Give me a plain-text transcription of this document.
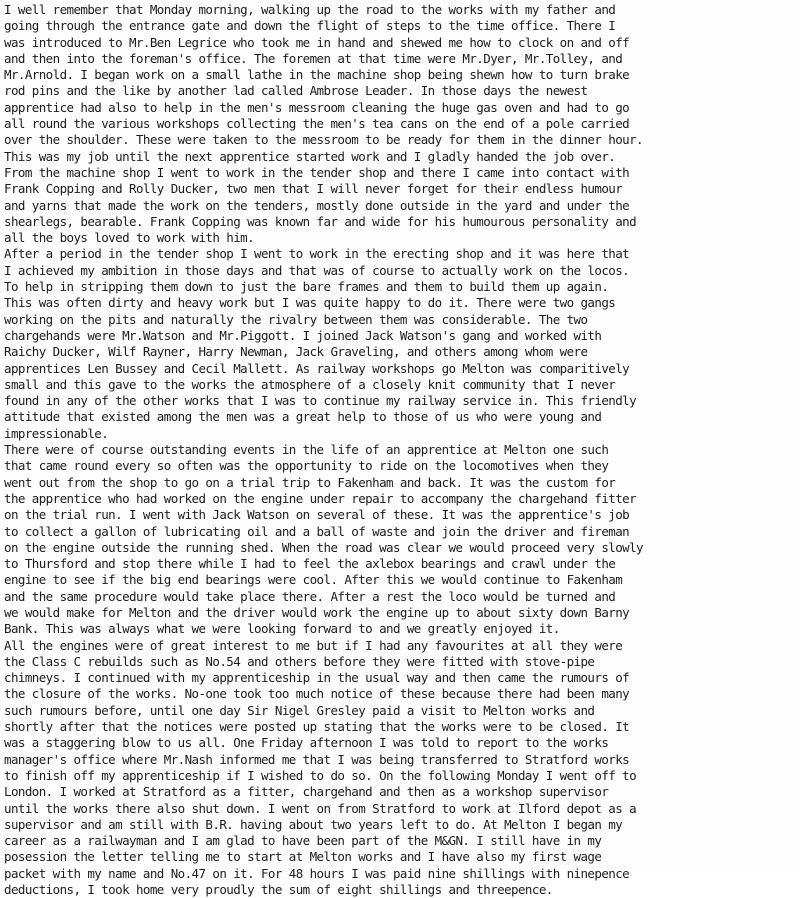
I well remember that Monday morning, walking up the road to the works with my father and
going through the entrance gate and down the flight of steps to the time office. There I
was introduced to Mr.Ben Legrice who took me in hand and shewed me how to clock on and off
and then into the foreman's office. The foremen at that time were Mr.Dyer, Mr.Tolley, and
Mr.Arnold. I began work on a small lathe in the machine shop being shewn how to turn brake
rod pins and the like by another lad called Ambrose Leader. In those days the newest
apprentice had also to help in the men's messroom cleaning the huge gas oven and had to go
all round the various workshops collecting the men's tea cans on the end of a pole carried
over the shoulder. These were taken to the messroom to be ready for them in the dinner hour.
This was my job until the next apprentice started work and I gladly handed the job over.
From the machine shop I went to work in the tender shop and there I came into contact with
Frank Copping and Rolly Ducker, two men that I will never forget for their endless humour
and yarns that made the work on the tenders, mostly done outside in the yard and under the
shearlegs, bearable. Frank Copping was known far and wide for his humourous personality and
all the boys loved to work with him.
After a period in the tender shop I went to work in the erecting shop and it was here that
I achieved my ambition in those days and that was of course to actually work on the locos.
To help in stripping them down to just the bare frames and them to build them up again.
This was often dirty and heavy work but I was quite happy to do it. There were two gangs
working on the pits and naturally the rivalry between them was considerable. The two
chargehands were Mr.Watson and Mr.Piggott. I joined Jack Watson's gang and worked with
Raichy Ducker, Wilf Rayner, Harry Newman, Jack Graveling, and others among whom were
apprentices Len Bussey and Cecil Mallett. As railway workshops go Melton was comparitively
small and this gave to the works the atmosphere of a closely knit community that I never
found in any of the other works that I was to continue my railway service in. This friendly
attitude that existed among the men was a great help to those of us who were young and
impressionable.
There were of course outstanding events in the life of an apprentice at Melton one such
that came round every so often was the opportunity to ride on the locomotives when they
went out from the shop to go on a trial trip to Fakenham and back. It was the custom for
the apprentice who had worked on the engine under repair to accompany the chargehand fitter
on the trial run. I went with Jack Watson on several of these. It was the apprentice's job
to collect a gallon of lubricating oil and a ball of waste and join the driver and fireman
on the engine outside the running shed. When the road was clear we would proceed very slowly
to Thursford and stop there while I had to feel the axlebox bearings and crawl under the
engine to see if the big end bearings were cool. After this we would continue to Fakenham
and the same procedure would take place there. After a rest the loco would be turned and
we would make for Melton and the driver would work the engine up to about sixty down Barny
Bank. This was always what we were looking forward to and we greatly enjoyed it.
All the engines were of great interest to me but if I had any favourites at all they were
the Class C rebuilds such as No.54 and others before they were fitted with stove-pipe
chimneys. I continued with my apprenticeship in the usual way and then came the rumours of
the closure of the works. No-one took too much notice of these because there had been many
such rumours before, until one day Sir Nigel Gresley paid a visit to Melton works and
shortly after that the notices were posted up stating that the works were to be closed. It
was a staggering blow to us all. One Friday afternoon I was told to report to the works
manager's office where Mr.Nash informed me that I was being transferred to Stratford works
to finish off my apprenticeship if I wished to do so. On the following Monday I went off to
London. I worked at Stratford as a fitter, chargehand and then as a workshop supervisor
until the works there also shut down. I went on from Stratford to work at Ilford depot as a
supervisor and am still with B.R. having about two years left to do. At Melton I began my
career as a railwayman and I am glad to have been part of the M&GN. I still have in my
posession the letter telling me to start at Melton works and I have also my first wage
packet with my name and No.47 on it. For 48 hours I was paid nine shillings with ninepence
deductions, I took home very proudly the sum of eight shillings and threepence.
